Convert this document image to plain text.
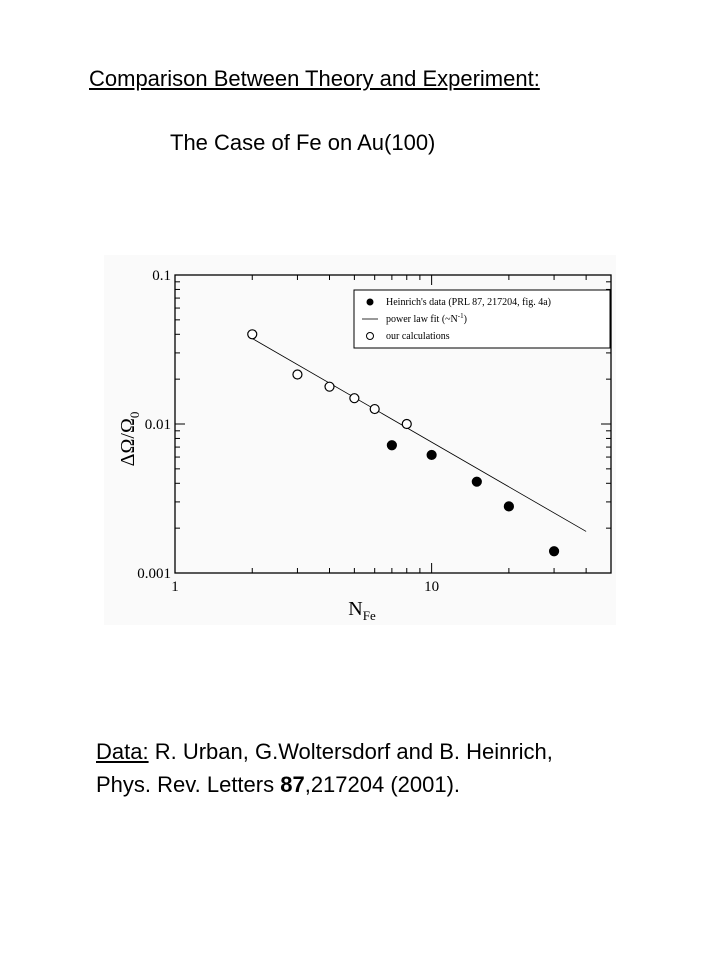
Comparison Between Theory and Experiment:
The Case of Fe on Au(100)
1	10
0.001
0.01
0.1
$\Delta\Omega/\Omega_0$
$N_{Fe}$
Heinrich's data (PRL 87, 217204, fig. 4a)
power law fit $(\sim N^{-1})$
our calculations
Data: R. Urban, G.Woltersdorf and B. Heinrich,
Phys. Rev. Letters 87,217204 (2001).
